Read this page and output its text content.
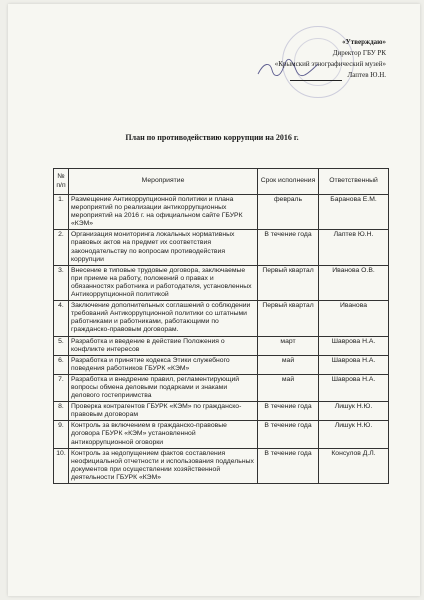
«Утверждаю»
Директор ГБУ РК
«Крымский этнографический музей»
Лаптев Ю.Н.
План по противодействию коррупции на 2016 г.
№ п/п	Мероприятие	Срок исполнения	Ответственный
1.	Размещение Антикоррупционной политики и плана мероприятий по реализации антикоррупционных мероприятий на 2016 г. на официальном сайте ГБУРК «КЭМ»	февраль	Баранова Е.М.
2.	Организация мониторинга локальных нормативных правовых актов на предмет их соответствия законодательству по вопросам противодействия коррупции	В течение года	Лаптев Ю.Н.
3.	Внесение в типовые трудовые договора, заключаемые при приеме на работу, положений о правах и обязанностях работника и работодателя, установленных Антикоррупционной политикой	Первый квартал	Иванова О.В.
4.	Заключение дополнительных соглашений о соблюдении требований Антикоррупционной политики со штатными работниками и работниками, работающими по гражданско-правовым договорам.	Первый квартал	Иванова
5.	Разработка и введение в действие Положения о конфликте интересов	март	Шаврова Н.А.
6.	Разработка и принятие кодекса Этики служебного поведения работников ГБУРК «КЭМ»	май	Шаврова Н.А.
7.	Разработка и внедрение правил, регламентирующий вопросы обмена деловыми подарками и знаками делового гостеприимства	май	Шаврова Н.А.
8.	Проверка контрагентов ГБУРК «КЭМ» по гражданско-правовым договорам	В течение года	Лишук Н.Ю.
9.	Контроль за включением в гражданско-правовые договора ГБУРК «КЭМ» установленной антикоррупционной оговорки	В течение года	Лишук Н.Ю.
10.	Контроль за недопущением фактов составления неофициальной отчетности и использования поддельных документов при осуществлении хозяйственной деятельности ГБУРК «КЭМ»	В течение года	Консулов Д.Л.
